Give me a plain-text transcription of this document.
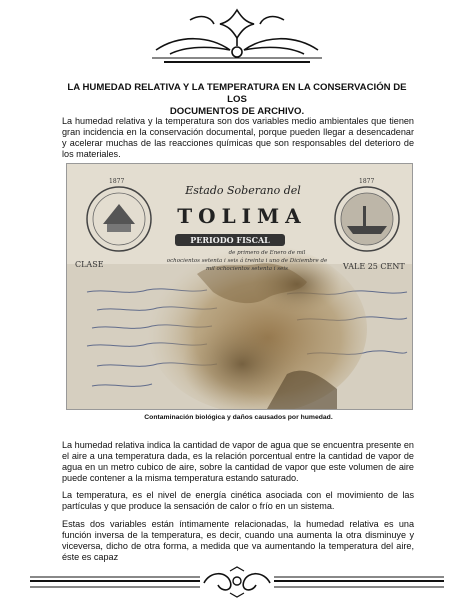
LA HUMEDAD RELATIVA Y LA TEMPERATURA EN LA CONSERVACIÓN DE LOS
DOCUMENTOS DE ARCHIVO.
La humedad relativa y la temperatura son dos variables medio ambientales que tienen gran incidencia en la conservación documental, porque pueden llegar a desencadenar y acelerar muchas de las reacciones químicas que son responsables del deterioro de los materiales.
Estado Soberano del
TOLIMA
PERIODO FISCAL
de primero de Enero de mil
ochocientos setenta i seis á treinta i uno de Diciembre de
mil ochocientos setenta i seis
CLASE	VALE 25 CENT
1877	1877
Contaminación biológica y daños causados por humedad.
La humedad relativa indica la cantidad de vapor de agua que se encuentra presente en el aire a una temperatura dada, es la relación porcentual entre la cantidad de vapor de agua en un metro cubico de aire, sobre la cantidad de vapor que este volumen de aire puede contener a la misma temperatura estando saturado.
La temperatura, es el nivel de energía cinética asociada con el movimiento de las partículas y que produce la sensación de calor o frío en un sistema.
Estas dos variables están íntimamente relacionadas, la humedad relativa es una función inversa de la temperatura, es decir, cuando una aumenta la otra disminuye y viceversa, dicho de otra forma, a medida que va aumentando la temperatura del aire, éste es capaz
